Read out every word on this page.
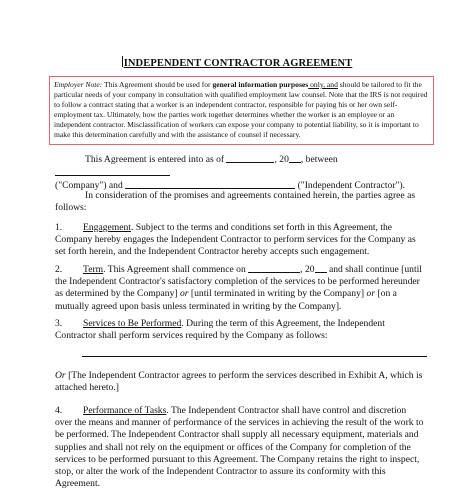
INDEPENDENT CONTRACTOR AGREEMENT
Employer Note: This Agreement should be used for general information purposes only, and should be tailored to fit the particular needs of your company in consultation with qualified employment law counsel. Note that the IRS is not required to follow a contract stating that a worker is an independent contractor, responsible for paying his or her own self-employment tax. Ultimately, how the parties work together determines whether the worker is an employee or an independent contractor. Misclassification of workers can expose your company to potential liability, so it is important to make this determination carefully and with the assistance of counsel if necessary.
This Agreement is entered into as of	, 20 , between
("Company") and	("Independent Contractor").
In consideration of the promises and agreements contained herein, the parties agree as follows:
1. Engagement. Subject to the terms and conditions set forth in this Agreement, the Company hereby engages the Independent Contractor to perform services for the Company as set forth herein, and the Independent Contractor hereby accepts such engagement.
2. Term. This Agreement shall commence on	, 20 and shall continue [until the Independent Contractor's satisfactory completion of the services to be performed hereunder as determined by the Company] or [until terminated in writing by the Company] or [on a mutually agreed upon basis unless terminated in writing by the Company].
3. Services to Be Performed. During the term of this Agreement, the Independent Contractor shall perform services required by the Company as follows:
Or [The Independent Contractor agrees to perform the services described in Exhibit A, which is attached hereto.]
4. Performance of Tasks. The Independent Contractor shall have control and discretion over the means and manner of performance of the services in achieving the result of the work to be performed. The Independent Contractor shall supply all necessary equipment, materials and supplies and shall not rely on the equipment or offices of the Company for completion of the services to be performed pursuant to this Agreement. The Company retains the right to inspect, stop, or alter the work of the Independent Contractor to assure its conformity with this Agreement.
